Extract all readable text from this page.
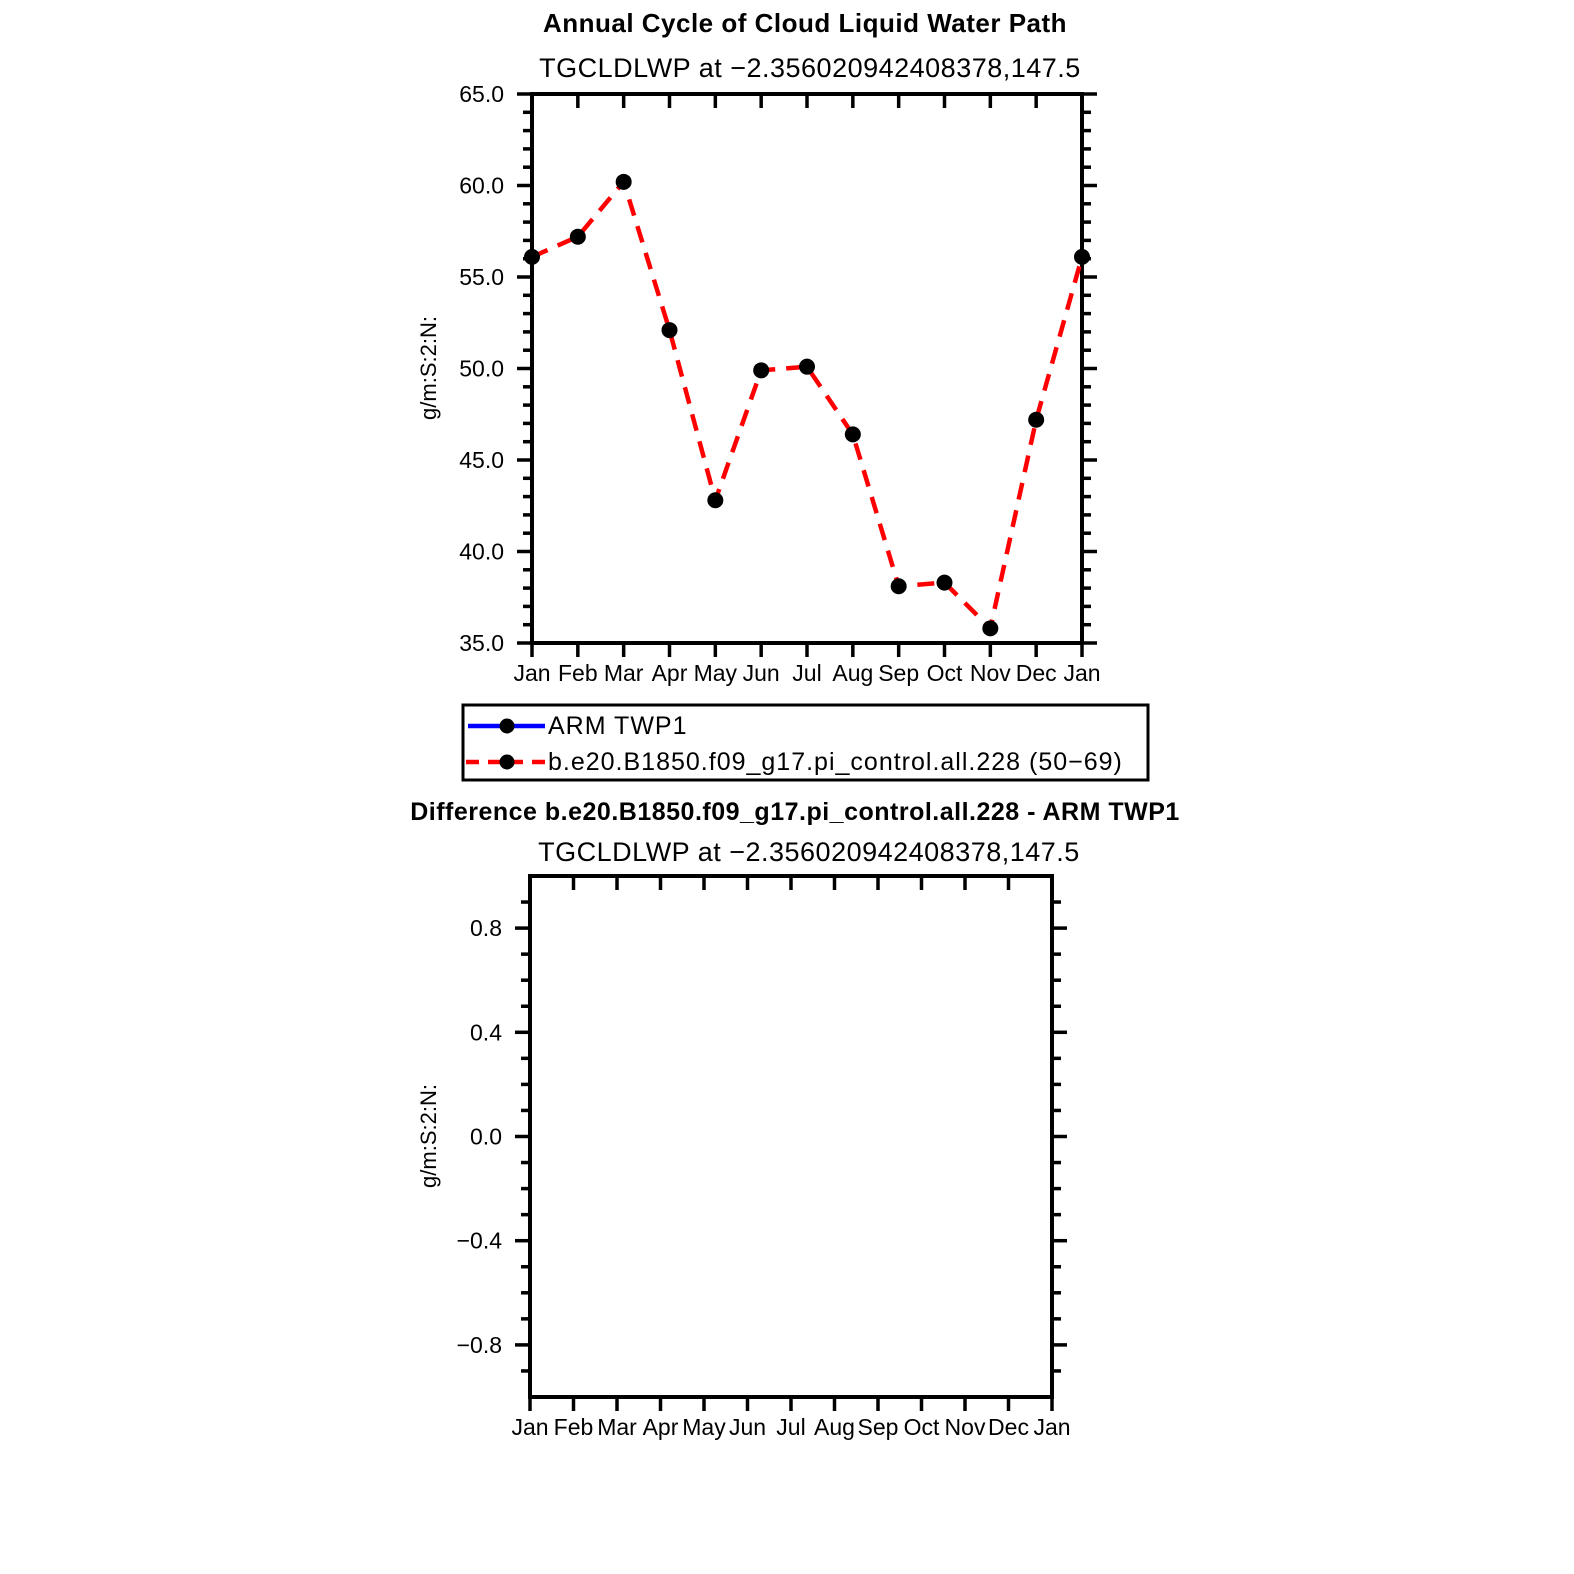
Annual Cycle of Cloud Liquid Water Path
TGCLDLWP at −2.356020942408378,147.5
g/m:S:2:N:
65.0
60.0
55.0
50.0
45.0
40.0
35.0
Jan Feb Mar Apr May Jun Jul Aug Sep Oct Nov Dec Jan
ARM TWP1
b.e20.B1850.f09_g17.pi_control.all.228 (50−69)
Difference b.e20.B1850.f09_g17.pi_control.all.228 - ARM TWP1
TGCLDLWP at −2.356020942408378,147.5
g/m:S:2:N:
0.8
0.4
0.0
−0.4
−0.8
Jan Feb Mar Apr May Jun Jul Aug Sep Oct Nov Dec Jan
